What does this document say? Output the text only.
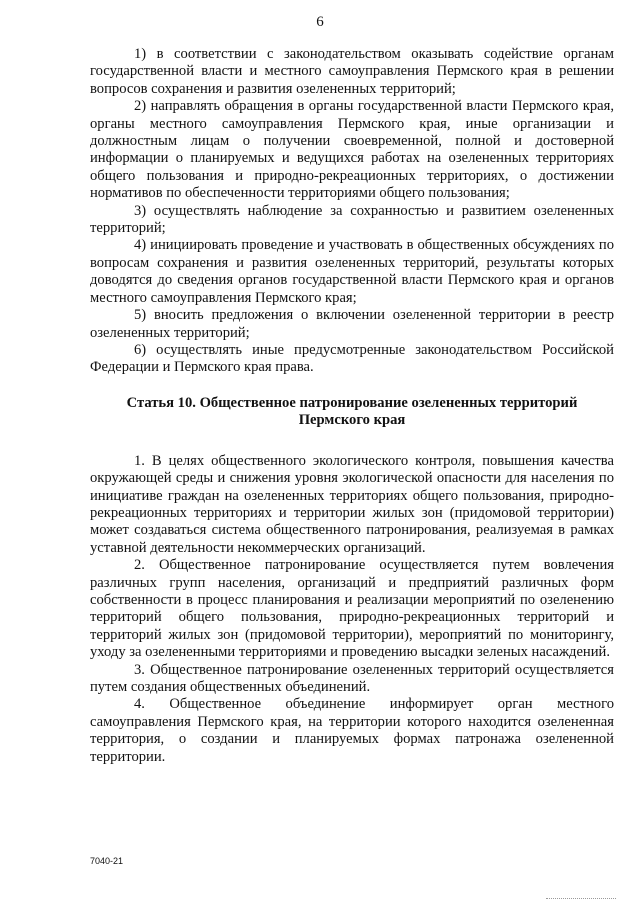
6

1) в соответствии с законодательством оказывать содействие органам государственной власти и местного самоуправления Пермского края в решении вопросов сохранения и развития озелененных территорий;

2) направлять обращения в органы государственной власти Пермского края, органы местного самоуправления Пермского края, иные организации и должностным лицам о получении своевременной, полной и достоверной информации о планируемых и ведущихся работах на озелененных территориях общего пользования и природно-рекреационных территориях, о достижении нормативов по обеспеченности территориями общего пользования;

3) осуществлять наблюдение за сохранностью и развитием озелененных территорий;

4) инициировать проведение и участвовать в общественных обсуждениях по вопросам сохранения и развития озелененных территорий, результаты которых доводятся до сведения органов государственной власти Пермского края и органов местного самоуправления Пермского края;

5) вносить предложения о включении озелененной территории в реестр озелененных территорий;

6) осуществлять иные предусмотренные законодательством Российской Федерации и Пермского края права.

Статья 10. Общественное патронирование озелененных территорий Пермского края

1. В целях общественного экологического контроля, повышения качества окружающей среды и снижения уровня экологической опасности для населения по инициативе граждан на озелененных территориях общего пользования, природно-рекреационных территориях и территории жилых зон (придомовой территории) может создаваться система общественного патронирования, реализуемая в рамках уставной деятельности некоммерческих организаций.

2. Общественное патронирование осуществляется путем вовлечения различных групп населения, организаций и предприятий различных форм собственности в процесс планирования и реализации мероприятий по озеленению территорий общего пользования, природно-рекреационных территорий и территорий жилых зон (придомовой территории), мероприятий по мониторингу, уходу за озелененными территориями и проведению высадки зеленых насаждений.

3. Общественное патронирование озелененных территорий осуществляется путем создания общественных объединений.

4. Общественное объединение информирует орган местного самоуправления Пермского края, на территории которого находится озелененная территория, о создании и планируемых формах патронажа озелененной территории.

7040-21
